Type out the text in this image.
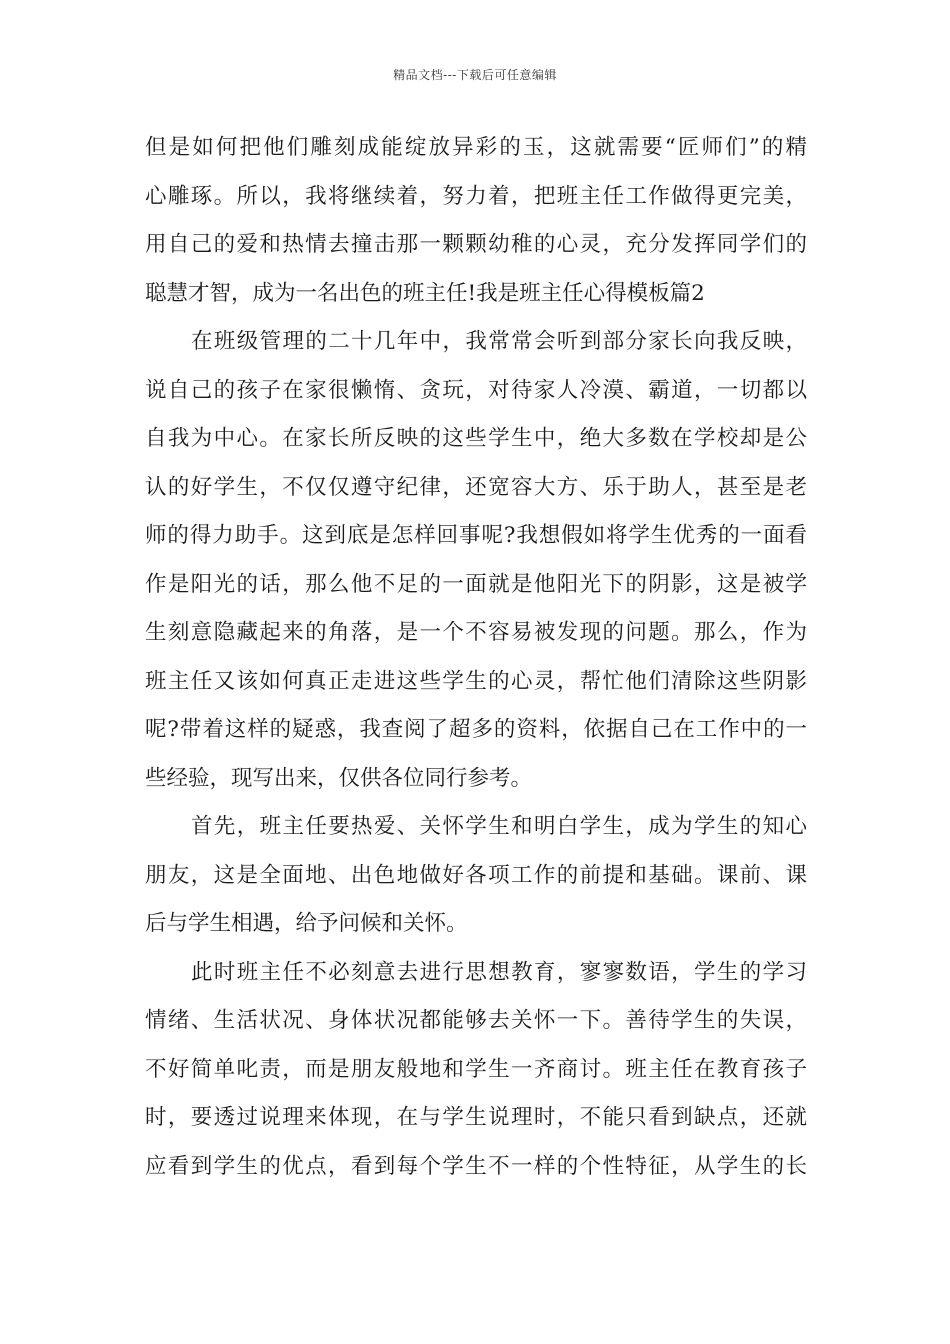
精品文档---下载后可任意编辑
但是如何把他们雕刻成能绽放异彩的玉，这就需要“匠师们”的精
心雕琢。所以，我将继续着，努力着，把班主任工作做得更完美，
用自己的爱和热情去撞击那一颗颗幼稚的心灵，充分发挥同学们的
聪慧才智，成为一名出色的班主任!我是班主任心得模板篇2
在班级管理的二十几年中，我常常会听到部分家长向我反映，
说自己的孩子在家很懒惰、贪玩，对待家人冷漠、霸道，一切都以
自我为中心。在家长所反映的这些学生中，绝大多数在学校却是公
认的好学生，不仅仅遵守纪律，还宽容大方、乐于助人，甚至是老
师的得力助手。这到底是怎样回事呢?我想假如将学生优秀的一面看
作是阳光的话，那么他不足的一面就是他阳光下的阴影，这是被学
生刻意隐藏起来的角落，是一个不容易被发现的问题。那么，作为
班主任又该如何真正走进这些学生的心灵，帮忙他们清除这些阴影
呢?带着这样的疑惑，我查阅了超多的资料，依据自己在工作中的一
些经验，现写出来，仅供各位同行参考。
首先，班主任要热爱、关怀学生和明白学生，成为学生的知心
朋友，这是全面地、出色地做好各项工作的前提和基础。课前、课
后与学生相遇，给予问候和关怀。
此时班主任不必刻意去进行思想教育，寥寥数语，学生的学习
情绪、生活状况、身体状况都能够去关怀一下。善待学生的失误，
不好简单叱责，而是朋友般地和学生一齐商讨。班主任在教育孩子
时，要透过说理来体现，在与学生说理时，不能只看到缺点，还就
应看到学生的优点，看到每个学生不一样的个性特征，从学生的长
